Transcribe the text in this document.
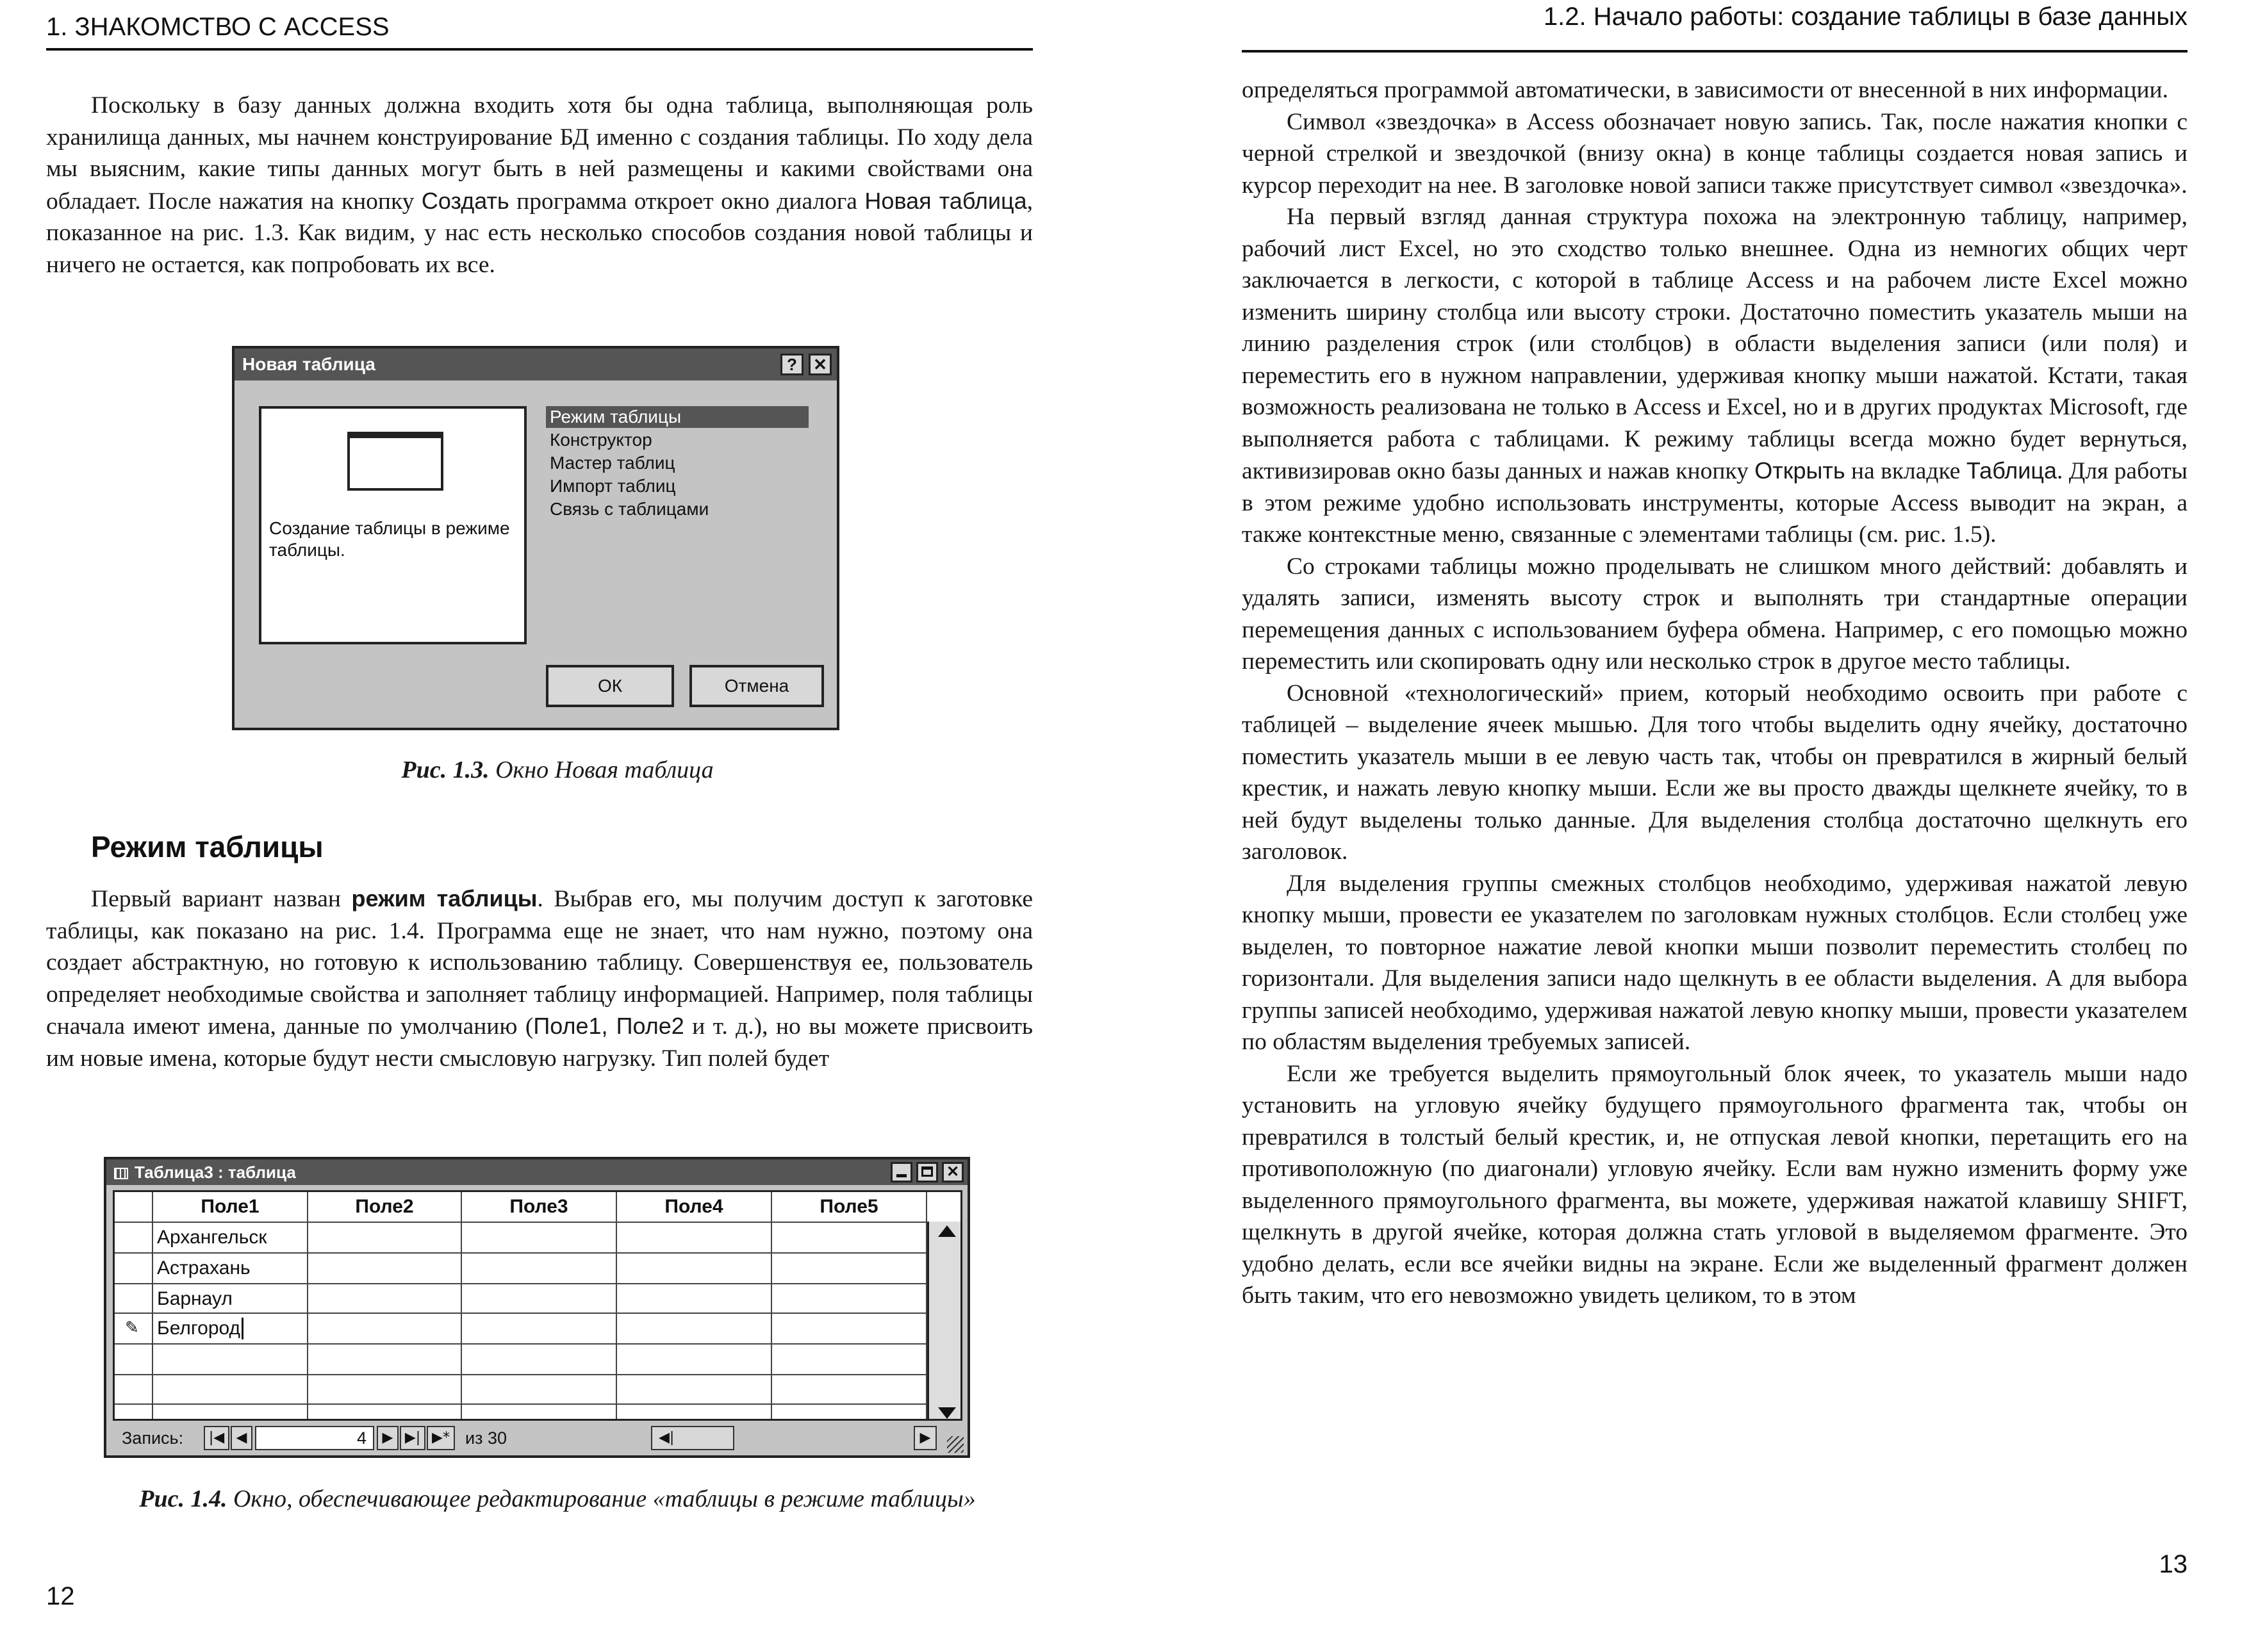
1. ЗНАКОМСТВО С ACCESS

Поскольку в базу данных должна входить хотя бы одна таблица, выполняющая роль хранилища данных, мы начнем конструирование БД именно с создания таблицы. По ходу дела мы выясним, какие типы данных могут быть в ней размещены и какими свойствами она обладает. После нажатия на кнопку Создать программа откроет окно диалога Новая таблица, показанное на рис. 1.3. Как видим, у нас есть несколько способов создания новой таблицы и ничего не остается, как попробовать их все.

Новая таблица	? ✕
Создание таблицы в режиме таблицы.
Режим таблицы
Конструктор
Мастер таблиц
Импорт таблиц
Связь с таблицами
ОК	Отмена
Рис. 1.3. Окно Новая таблица
Режим таблицы

Первый вариант назван режим таблицы. Выбрав его, мы получим доступ к заготовке таблицы, как показано на рис. 1.4. Программа еще не знает, что нам нужно, поэтому она создает абстрактную, но готовую к использованию таблицу. Совершенствуя ее, пользователь определяет необходимые свойства и заполняет таблицу информацией. Например, поля таблицы сначала имеют имена, данные по умолчанию (Поле1, Поле2 и т. д.), но вы можете присвоить им новые имена, которые будут нести смысловую нагрузку. Тип полей будет

Таблица3 : таблица	✕
Поле1	Поле2	Поле3	Поле4	Поле5
Архангельск
Астрахань
Барнаул
✎ Белгород
Запись:	|◀ ◀	4	▶ ▶| ▶* из 30	◀|	▶
Рис. 1.4. Окно, обеспечивающее редактирование «таблицы в режиме таблицы»
12
1.2. Начало работы: создание таблицы в базе данных

определяться программой автоматически, в зависимости от внесенной в них информации.

Символ «звездочка» в Access обозначает новую запись. Так, после нажатия кнопки с черной стрелкой и звездочкой (внизу окна) в конце таблицы создается новая запись и курсор переходит на нее. В заголовке новой записи также присутствует символ «звездочка».

На первый взгляд данная структура похожа на электронную таблицу, например, рабочий лист Excel, но это сходство только внешнее. Одна из немногих общих черт заключается в легкости, с которой в таблице Access и на рабочем листе Excel можно изменить ширину столбца или высоту строки. Достаточно поместить указатель мыши на линию разделения строк (или столбцов) в области выделения записи (или поля) и переместить его в нужном направлении, удерживая кнопку мыши нажатой. Кстати, такая возможность реализована не только в Access и Excel, но и в других продуктах Microsoft, где выполняется работа с таблицами. К режиму таблицы всегда можно будет вернуться, активизировав окно базы данных и нажав кнопку Открыть на вкладке Таблица. Для работы в этом режиме удобно использовать инструменты, которые Access выводит на экран, а также контекстные меню, связанные с элементами таблицы (см. рис. 1.5).

Со строками таблицы можно проделывать не слишком много действий: добавлять и удалять записи, изменять высоту строк и выполнять три стандартные операции перемещения данных с использованием буфера обмена. Например, с его помощью можно переместить или скопировать одну или несколько строк в другое место таблицы.

Основной «технологический» прием, который необходимо освоить при работе с таблицей – выделение ячеек мышью. Для того чтобы выделить одну ячейку, достаточно поместить указатель мыши в ее левую часть так, чтобы он превратился в жирный белый крестик, и нажать левую кнопку мыши. Если же вы просто дважды щелкнете ячейку, то в ней будут выделены только данные. Для выделения столбца достаточно щелкнуть его заголовок.

Для выделения группы смежных столбцов необходимо, удерживая нажатой левую кнопку мыши, провести ее указателем по заголовкам нужных столбцов. Если столбец уже выделен, то повторное нажатие левой кнопки мыши позволит переместить столбец по горизонтали. Для выделения записи надо щелкнуть в ее области выделения. А для выбора группы записей необходимо, удерживая нажатой левую кнопку мыши, провести указателем по областям выделения требуемых записей.

Если же требуется выделить прямоугольный блок ячеек, то указатель мыши надо установить на угловую ячейку будущего прямоугольного фрагмента так, чтобы он превратился в толстый белый крестик, и, не отпуская левой кнопки, перетащить его на противоположную (по диагонали) угловую ячейку. Если вам нужно изменить форму уже выделенного прямоугольного фрагмента, вы можете, удерживая нажатой клавишу SHIFT, щелкнуть в другой ячейке, которая должна стать угловой в выделяемом фрагменте. Это удобно делать, если все ячейки видны на экране. Если же выделенный фрагмент должен быть таким, что его невозможно увидеть целиком, то в этом

13
